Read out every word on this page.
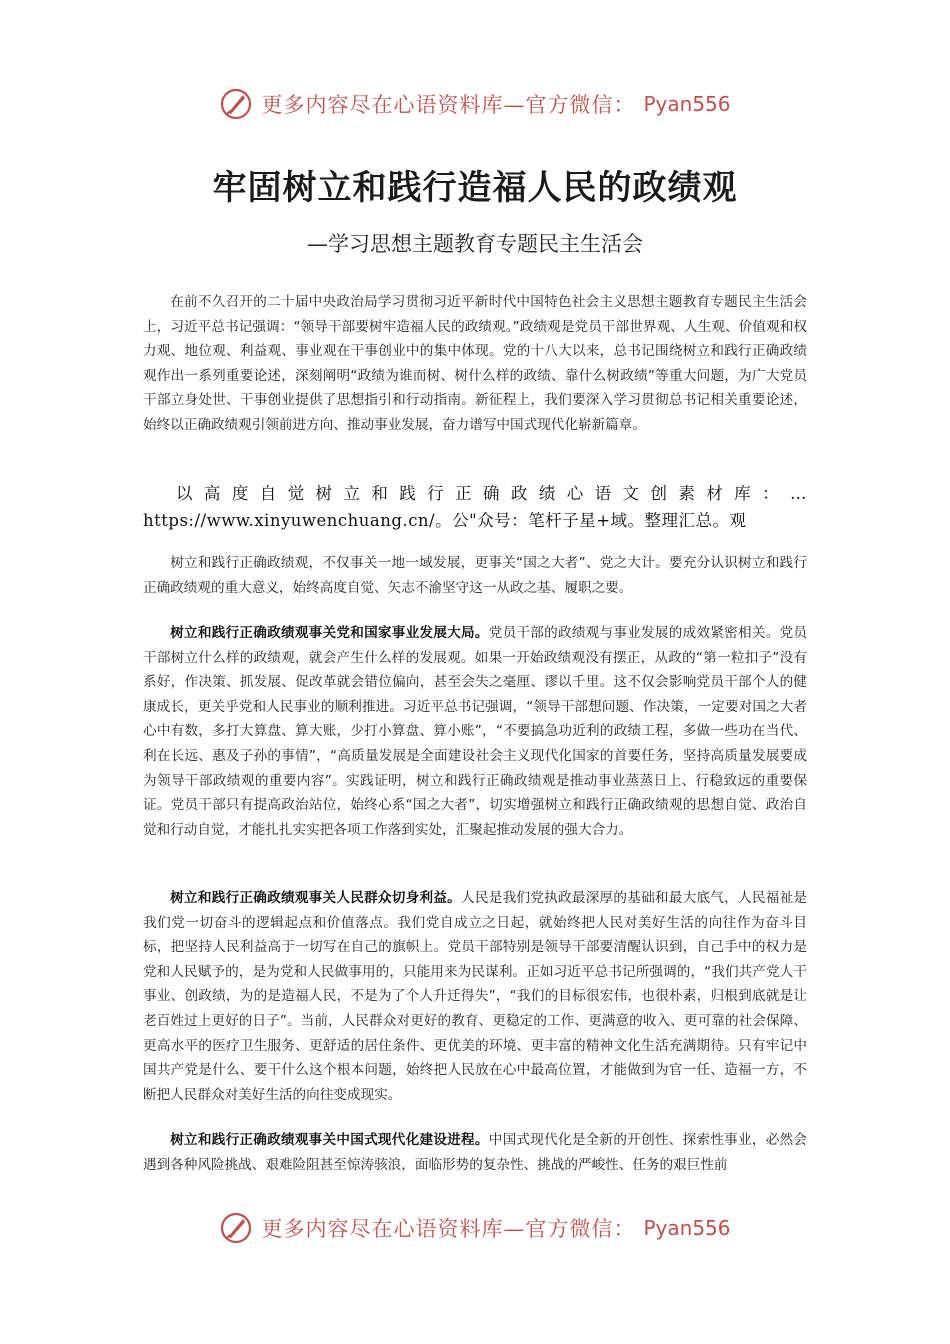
更多内容尽在心语资料库—官方微信： Pyan556
牢固树立和践行造福人民的政绩观
—学习思想主题教育专题民主生活会

在前不久召开的二十届中央政治局学习贯彻习近平新时代中国特色社会主义思想主题教育专题民主生活会上，习近平总书记强调：“领导干部要树牢造福人民的政绩观。”政绩观是党员干部世界观、人生观、价值观和权力观、地位观、利益观、事业观在干事创业中的集中体现。党的十八大以来，总书记围绕树立和践行正确政绩观作出一系列重要论述，深刻阐明“政绩为谁而树、树什么样的政绩、靠什么树政绩”等重大问题，为广大党员干部立身处世、干事创业提供了思想指引和行动指南。新征程上，我们要深入学习贯彻总书记相关重要论述，始终以正确政绩观引领前进方向、推动事业发展，奋力谱写中国式现代化崭新篇章。

以高度自觉树立和践行正确政绩心语文创素材库：… https://www.xinyuwenchuang.cn/。公"众号：笔杆子星+域。整理汇总。观

树立和践行正确政绩观，不仅事关一地一域发展，更事关“国之大者”、党之大计。要充分认识树立和践行正确政绩观的重大意义，始终高度自觉、矢志不渝坚守这一从政之基、履职之要。

树立和践行正确政绩观事关党和国家事业发展大局。党员干部的政绩观与事业发展的成效紧密相关。党员干部树立什么样的政绩观，就会产生什么样的发展观。如果一开始政绩观没有摆正，从政的“第一粒扣子”没有系好，作决策、抓发展、促改革就会错位偏向，甚至会失之毫厘、谬以千里。这不仅会影响党员干部个人的健康成长，更关乎党和人民事业的顺利推进。习近平总书记强调，“领导干部想问题、作决策，一定要对国之大者心中有数，多打大算盘、算大账，少打小算盘、算小账”，“不要搞急功近利的政绩工程，多做一些功在当代、利在长远、惠及子孙的事情”，“高质量发展是全面建设社会主义现代化国家的首要任务，坚持高质量发展要成为领导干部政绩观的重要内容”。实践证明，树立和践行正确政绩观是推动事业蒸蒸日上、行稳致远的重要保证。党员干部只有提高政治站位，始终心系“国之大者”，切实增强树立和践行正确政绩观的思想自觉、政治自觉和行动自觉，才能扎扎实实把各项工作落到实处，汇聚起推动发展的强大合力。

树立和践行正确政绩观事关人民群众切身利益。人民是我们党执政最深厚的基础和最大底气，人民福祉是我们党一切奋斗的逻辑起点和价值落点。我们党自成立之日起，就始终把人民对美好生活的向往作为奋斗目标，把坚持人民利益高于一切写在自己的旗帜上。党员干部特别是领导干部要清醒认识到，自己手中的权力是党和人民赋予的，是为党和人民做事用的，只能用来为民谋利。正如习近平总书记所强调的，“我们共产党人干事业、创政绩，为的是造福人民，不是为了个人升迁得失”，“我们的目标很宏伟，也很朴素，归根到底就是让老百姓过上更好的日子”。当前，人民群众对更好的教育、更稳定的工作、更满意的收入、更可靠的社会保障、更高水平的医疗卫生服务、更舒适的居住条件、更优美的环境、更丰富的精神文化生活充满期待。只有牢记中国共产党是什么、要干什么这个根本问题，始终把人民放在心中最高位置，才能做到为官一任、造福一方，不断把人民群众对美好生活的向往变成现实。

树立和践行正确政绩观事关中国式现代化建设进程。中国式现代化是全新的开创性、探索性事业，必然会遇到各种风险挑战、艰难险阻甚至惊涛骇浪，面临形势的复杂性、挑战的严峻性、任务的艰巨性前

更多内容尽在心语资料库—官方微信： Pyan556
